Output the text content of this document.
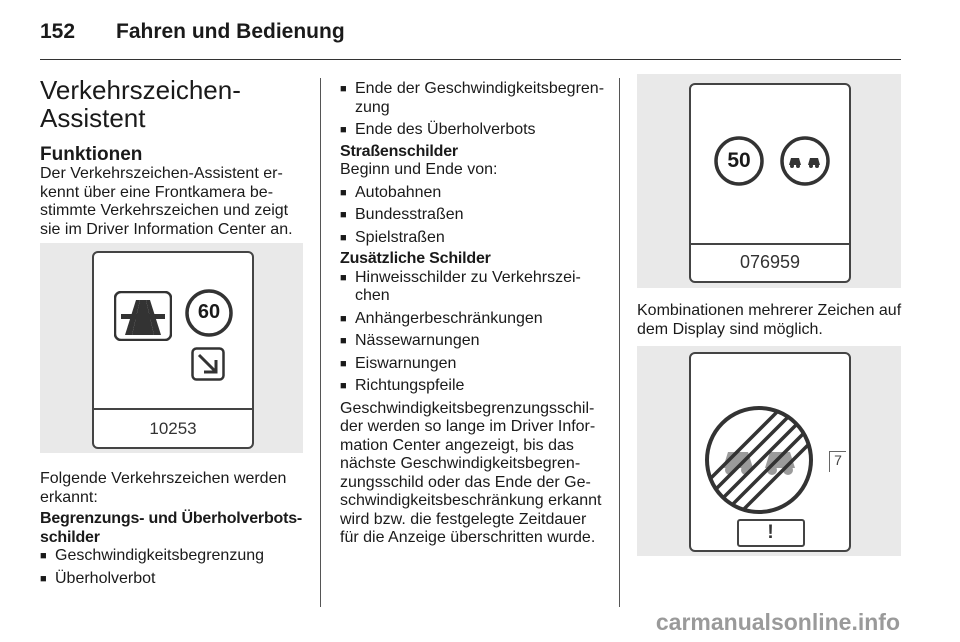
152 Fahren und Bedienung
Verkehrszeichen-
Assistent
Funktionen
Der Verkehrszeichen-Assistent erkennt über eine Frontkamera bestimmte Verkehrszeichen und zeigt sie im Driver Information Center an.
60
10253
Folgende Verkehrszeichen werden erkannt:
Begrenzungs- und Überholverbots-
schilder
■ Geschwindigkeitsbegrenzung
■ Überholverbot
■ Ende der Geschwindigkeitsbegrenzung
■ Ende des Überholverbots
Straßenschilder
Beginn und Ende von:
■ Autobahnen
■ Bundesstraßen
■ Spielstraßen
Zusätzliche Schilder
■ Hinweisschilder zu Verkehrszeichen
■ Anhängerbeschränkungen
■ Nässewarnungen
■ Eiswarnungen
■ Richtungspfeile
Geschwindigkeitsbegrenzungsschilder werden so lange im Driver Information Center angezeigt, bis das nächste Geschwindigkeitsbegrenzungsschild oder das Ende der Geschwindigkeitsbeschränkung erkannt wird bzw. die festgelegte Zeitdauer für die Anzeige überschritten wurde.
50
076959
Kombinationen mehrerer Zeichen auf dem Display sind möglich.
7
!
carmanualsonline.info
